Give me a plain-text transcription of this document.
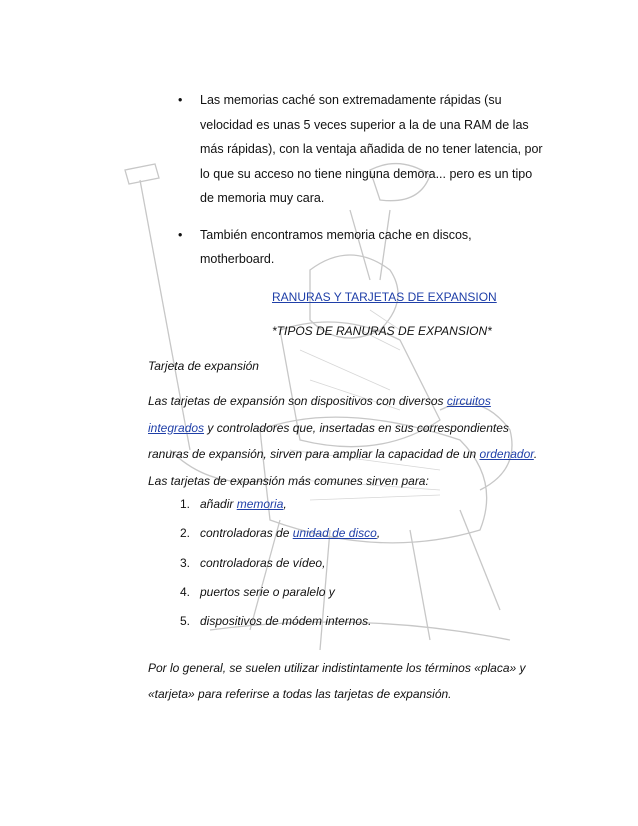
•	Las memorias caché son extremadamente rápidas (su velocidad es unas 5 veces superior a la de una RAM de las más rápidas), con la ventaja añadida de no tener latencia, por lo que su acceso no tiene ninguna demora... pero es un tipo de memoria muy cara.
•	También encontramos memoria cache en discos, motherboard.
RANURAS Y TARJETAS DE EXPANSION
*TIPOS DE RANURAS DE EXPANSION*
Tarjeta de expansión
Las tarjetas de expansión son dispositivos con diversos circuitos integrados y controladores que, insertadas en sus correspondientes ranuras de expansión, sirven para ampliar la capacidad de un ordenador. Las tarjetas de expansión más comunes sirven para:
1. añadir memoria,
2. controladoras de unidad de disco,
3. controladoras de vídeo,
4. puertos serie o paralelo y
5. dispositivos de módem internos.
Por lo general, se suelen utilizar indistintamente los términos «placa» y «tarjeta» para referirse a todas las tarjetas de expansión.
